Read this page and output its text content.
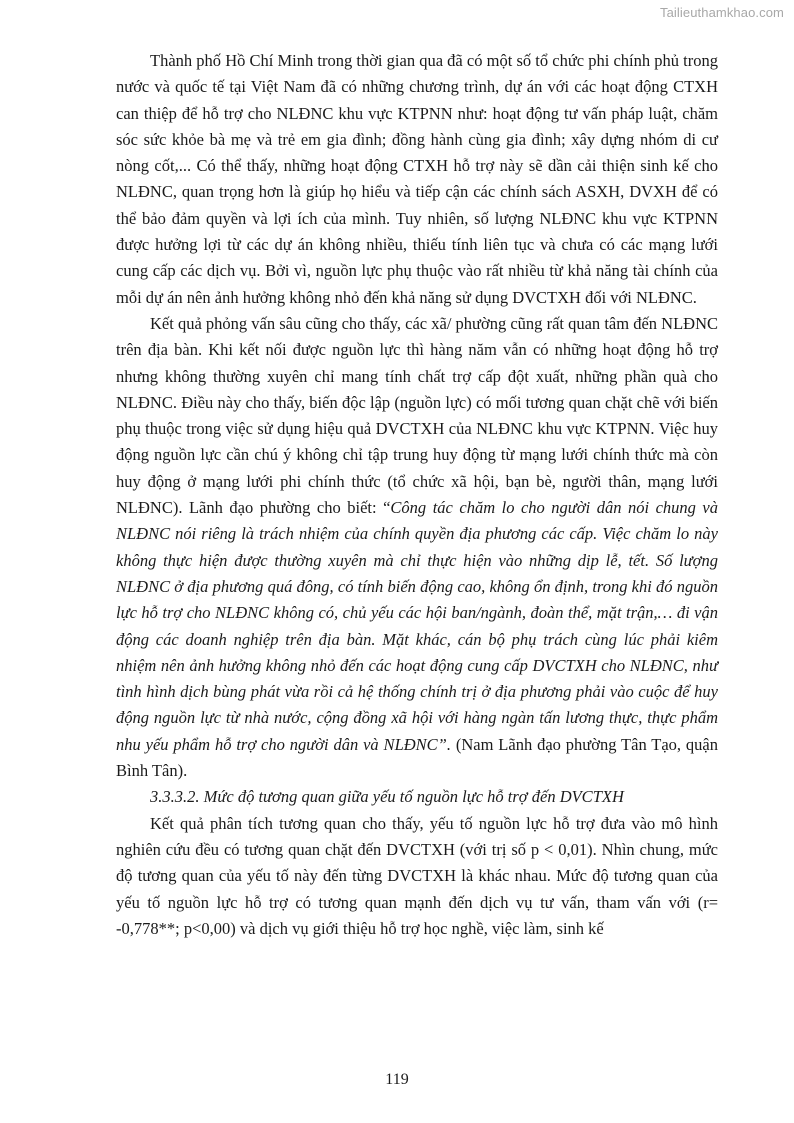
Tailieuthamkhao.com

Thành phố Hồ Chí Minh trong thời gian qua đã có một số tổ chức phi chính phủ trong nước và quốc tế tại Việt Nam đã có những chương trình, dự án với các hoạt động CTXH can thiệp để hỗ trợ cho NLĐNC khu vực KTPNN như: hoạt động tư vấn pháp luật, chăm sóc sức khỏe bà mẹ và trẻ em gia đình; đồng hành cùng gia đình; xây dựng nhóm di cư nòng cốt,... Có thể thấy, những hoạt động CTXH hỗ trợ này sẽ dần cải thiện sinh kế cho NLĐNC, quan trọng hơn là giúp họ hiểu và tiếp cận các chính sách ASXH, DVXH để có thể bảo đảm quyền và lợi ích của mình. Tuy nhiên, số lượng NLĐNC khu vực KTPNN được hưởng lợi từ các dự án không nhiều, thiếu tính liên tục và chưa có các mạng lưới cung cấp các dịch vụ. Bởi vì, nguồn lực phụ thuộc vào rất nhiều từ khả năng tài chính của mỗi dự án nên ảnh hưởng không nhỏ đến khả năng sử dụng DVCTXH đối với NLĐNC.

Kết quả phỏng vấn sâu cũng cho thấy, các xã/ phường cũng rất quan tâm đến NLĐNC trên địa bàn. Khi kết nối được nguồn lực thì hàng năm vẫn có những hoạt động hỗ trợ nhưng không thường xuyên chỉ mang tính chất trợ cấp đột xuất, những phần quà cho NLĐNC. Điều này cho thấy, biến độc lập (nguồn lực) có mối tương quan chặt chẽ với biến phụ thuộc trong việc sử dụng hiệu quả DVCTXH của NLĐNC khu vực KTPNN. Việc huy động nguồn lực cần chú ý không chỉ tập trung huy động từ mạng lưới chính thức mà còn huy động ở mạng lưới phi chính thức (tổ chức xã hội, bạn bè, người thân, mạng lưới NLĐNC). Lãnh đạo phường cho biết: “Công tác chăm lo cho người dân nói chung và NLĐNC nói riêng là trách nhiệm của chính quyền địa phương các cấp. Việc chăm lo này không thực hiện được thường xuyên mà chỉ thực hiện vào những dịp lễ, tết. Số lượng NLĐNC ở địa phương quá đông, có tính biến động cao, không ổn định, trong khi đó nguồn lực hỗ trợ cho NLĐNC không có, chủ yếu các hội ban/ngành, đoàn thể, mặt trận,… đi vận động các doanh nghiệp trên địa bàn. Mặt khác, cán bộ phụ trách cùng lúc phải kiêm nhiệm nên ảnh hưởng không nhỏ đến các hoạt động cung cấp DVCTXH cho NLĐNC, như tình hình dịch bùng phát vừa rồi cả hệ thống chính trị ở địa phương phải vào cuộc để huy động nguồn lực từ nhà nước, cộng đồng xã hội với hàng ngàn tấn lương thực, thực phẩm nhu yếu phẩm hỗ trợ cho người dân và NLĐNC”. (Nam Lãnh đạo phường Tân Tạo, quận Bình Tân).

3.3.3.2. Mức độ tương quan giữa yếu tố nguồn lực hỗ trợ đến DVCTXH

Kết quả phân tích tương quan cho thấy, yếu tố nguồn lực hỗ trợ đưa vào mô hình nghiên cứu đều có tương quan chặt đến DVCTXH (với trị số p < 0,01). Nhìn chung, mức độ tương quan của yếu tố này đến từng DVCTXH là khác nhau. Mức độ tương quan của yếu tố nguồn lực hỗ trợ có tương quan mạnh đến dịch vụ tư vấn, tham vấn với (r= -0,778**; p<0,00) và dịch vụ giới thiệu hỗ trợ học nghề, việc làm, sinh kế

119
